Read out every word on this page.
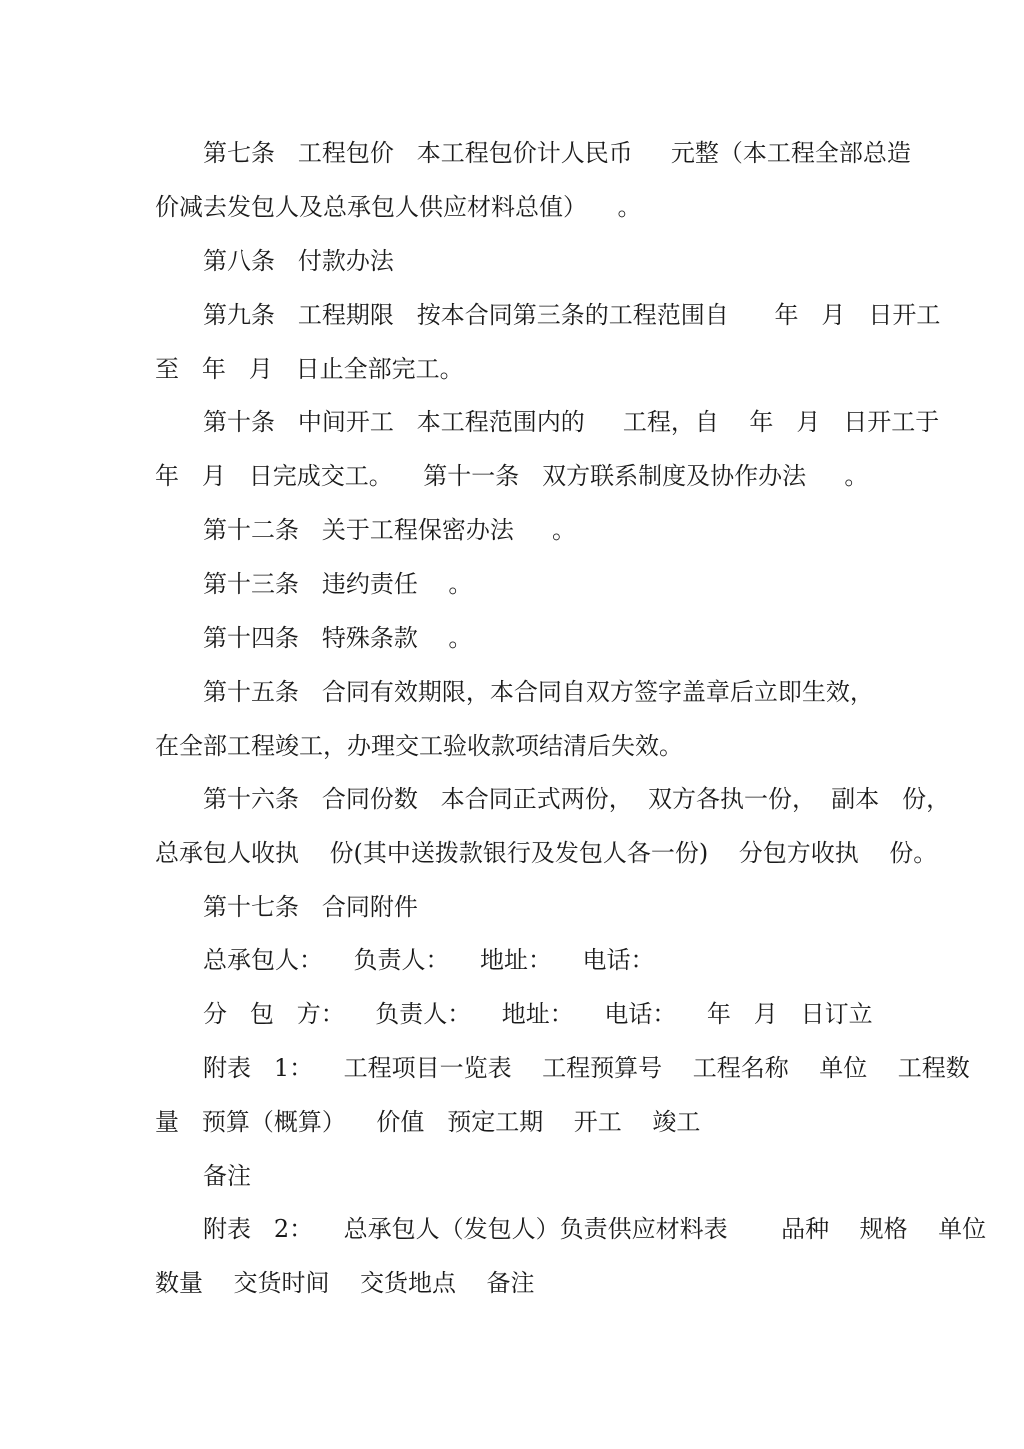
第七条   工程包价   本工程包价计人民币     元整（本工程全部总造
价减去发包人及总承包人供应材料总值）    。
第八条   付款办法
第九条   工程期限   按本合同第三条的工程范围自      年   月   日开工
至   年   月   日止全部完工。
第十条   中间开工   本工程范围内的     工程，自    年   月   日开工于
年   月   日完成交工。    第十一条   双方联系制度及协作办法     。
第十二条   关于工程保密办法     。
第十三条   违约责任    。
第十四条   特殊条款    。
第十五条   合同有效期限，本合同自双方签字盖章后立即生效，
在全部工程竣工，办理交工验收款项结清后失效。
第十六条   合同份数   本合同正式两份，  双方各执一份，  副本   份，
总承包人收执    份(其中送拨款银行及发包人各一份)    分包方收执    份。
第十七条   合同附件
总承包人：    负责人：    地址：    电话：
分   包   方：    负责人：    地址：    电话：    年   月   日订立
附表   1：    工程项目一览表    工程预算号    工程名称    单位    工程数
量   预算（概算）    价值   预定工期    开工    竣工
备注
附表   2：    总承包人（发包人）负责供应材料表       品种    规格    单位
数量    交货时间    交货地点    备注
